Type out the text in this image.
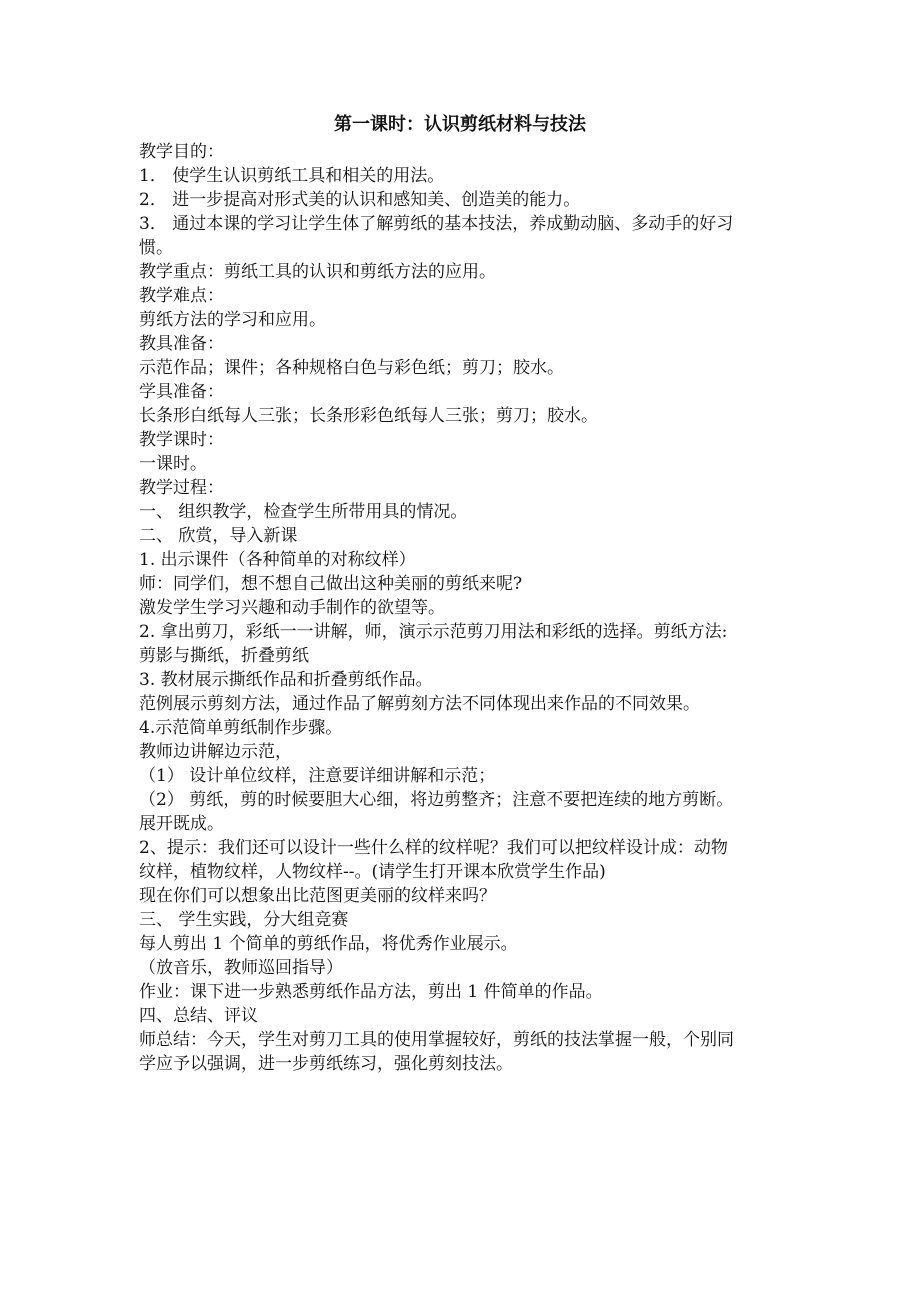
第一课时：认识剪纸材料与技法

教学目的：

1． 使学生认识剪纸工具和相关的用法。

2． 进一步提高对形式美的认识和感知美、创造美的能力。

3． 通过本课的学习让学生体了解剪纸的基本技法，养成勤动脑、多动手的好习

惯。

教学重点：剪纸工具的认识和剪纸方法的应用。

教学难点：

剪纸方法的学习和应用。

教具准备：

示范作品；课件；各种规格白色与彩色纸；剪刀；胶水。

学具准备：

长条形白纸每人三张；长条形彩色纸每人三张；剪刀；胶水。

教学课时：

一课时。

教学过程：

一、 组织教学，检查学生所带用具的情况。

二、 欣赏，导入新课

1. 出示课件（各种简单的对称纹样）

师：同学们，想不想自己做出这种美丽的剪纸来呢?

激发学生学习兴趣和动手制作的欲望等。

2. 拿出剪刀，彩纸一一讲解，师，演示示范剪刀用法和彩纸的选择。剪纸方法:

剪影与撕纸，折叠剪纸

3. 教材展示撕纸作品和折叠剪纸作品。

范例展示剪刻方法，通过作品了解剪刻方法不同体现出来作品的不同效果。

4.示范简单剪纸制作步骤。

教师边讲解边示范，

（1） 设计单位纹样，注意要详细讲解和示范；

（2） 剪纸，剪的时候要胆大心细，将边剪整齐；注意不要把连续的地方剪断。

展开既成。

2、提示：我们还可以设计一些什么样的纹样呢？我们可以把纹样设计成：动物

纹样，植物纹样，人物纹样--。(请学生打开课本欣赏学生作品)

现在你们可以想象出比范图更美丽的纹样来吗？

三、 学生实践，分大组竞赛

每人剪出 1 个简单的剪纸作品，将优秀作业展示。

（放音乐，教师巡回指导）

作业：课下进一步熟悉剪纸作品方法，剪出 1 件简单的作品。

四、总结、评议

师总结：今天，学生对剪刀工具的使用掌握较好，剪纸的技法掌握一般，个别同

学应予以强调，进一步剪纸练习，强化剪刻技法。
